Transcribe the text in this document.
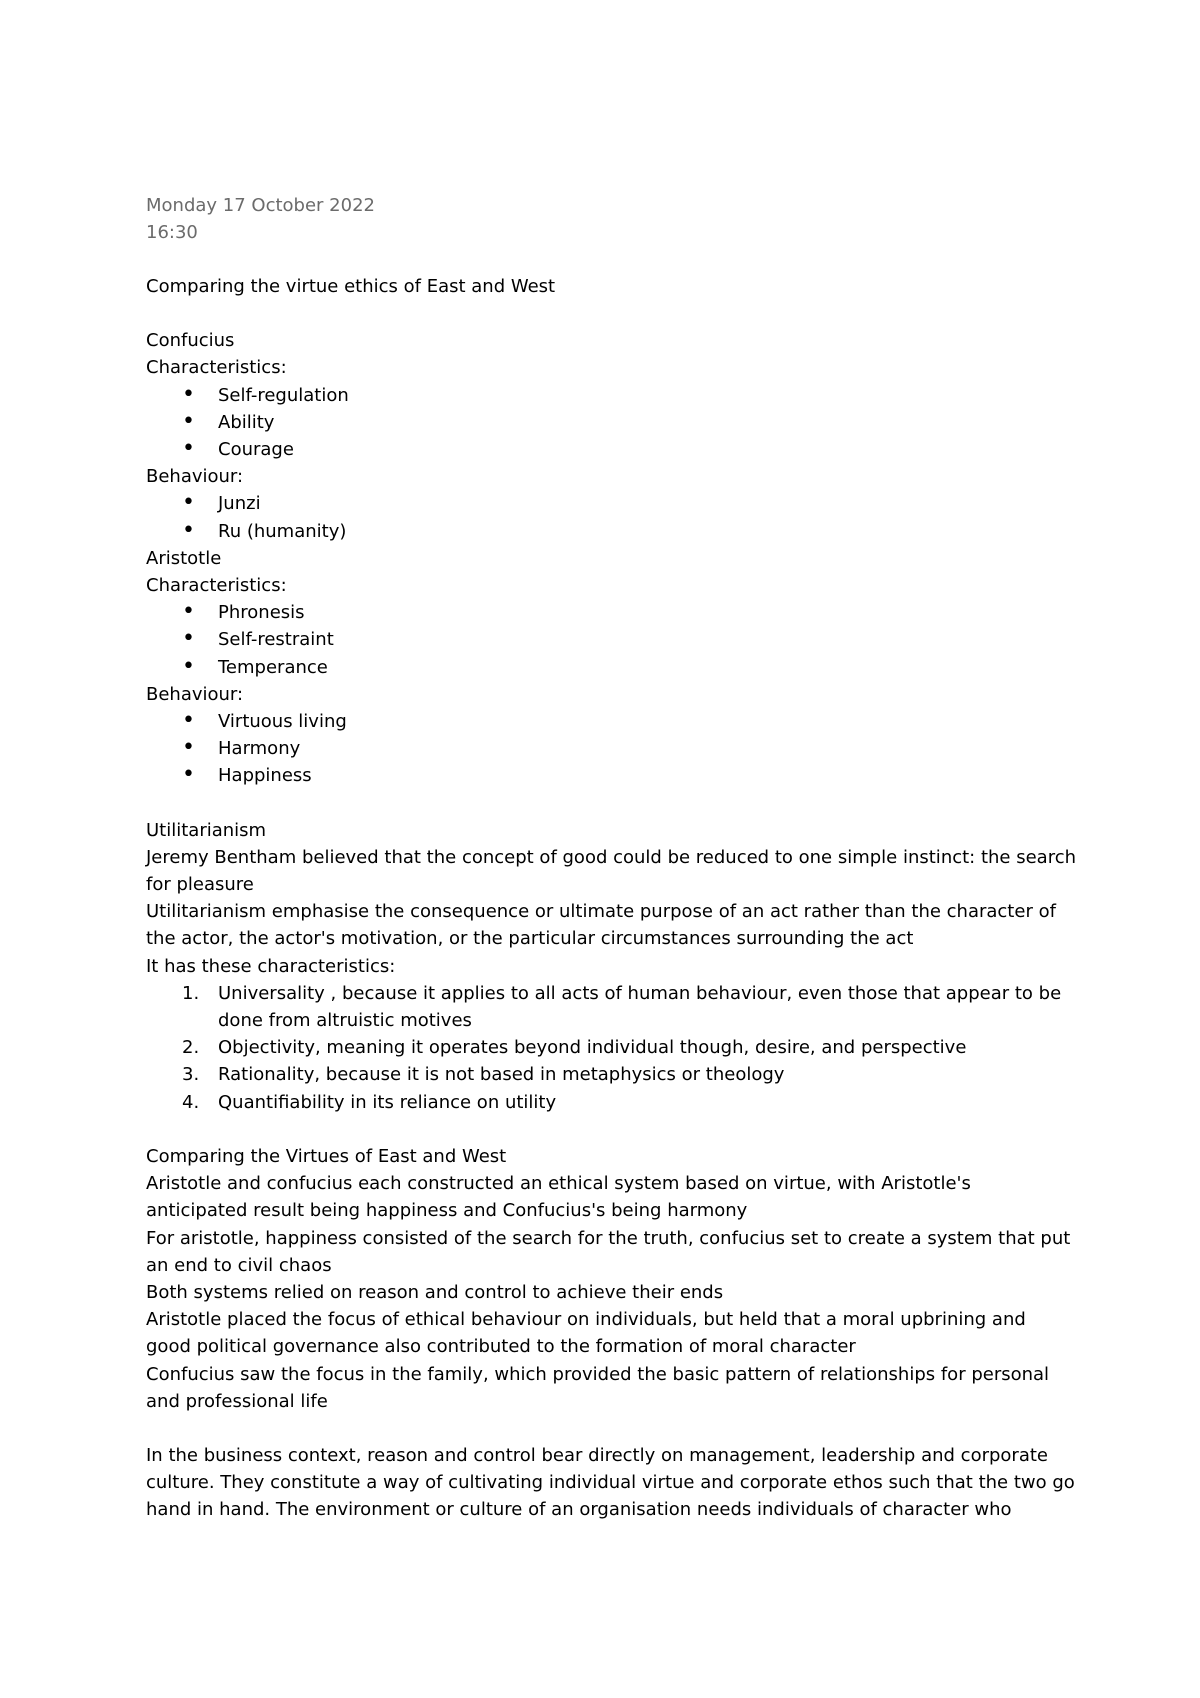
Monday 17 October 2022
16:30
Comparing the virtue ethics of East and West
Confucius
Characteristics:
• Self-regulation
• Ability
• Courage
Behaviour:
• Junzi
• Ru (humanity)
Aristotle
Characteristics:
• Phronesis
• Self-restraint
• Temperance
Behaviour:
• Virtuous living
• Harmony
• Happiness
Utilitarianism

Jeremy Bentham believed that the concept of good could be reduced to one simple instinct: the search for pleasure

Utilitarianism emphasise the consequence or ultimate purpose of an act rather than the character of the actor, the actor's motivation, or the particular circumstances surrounding the act

It has these characteristics:

1. Universality , because it applies to all acts of human behaviour, even those that appear to be done from altruistic motives
2. Objectivity, meaning it operates beyond individual though, desire, and perspective
3. Rationality, because it is not based in metaphysics or theology
4. Quantifiability in its reliance on utility
Comparing the Virtues of East and West

Aristotle and confucius each constructed an ethical system based on virtue, with Aristotle's anticipated result being happiness and Confucius's being harmony

For aristotle, happiness consisted of the search for the truth, confucius set to create a system that put an end to civil chaos

Both systems relied on reason and control to achieve their ends

Aristotle placed the focus of ethical behaviour on individuals, but held that a moral upbrining and good political governance also contributed to the formation of moral character

Confucius saw the focus in the family, which provided the basic pattern of relationships for personal and professional life

In the business context, reason and control bear directly on management, leadership and corporate culture. They constitute a way of cultivating individual virtue and corporate ethos such that the two go hand in hand. The environment or culture of an organisation needs individuals of character who
